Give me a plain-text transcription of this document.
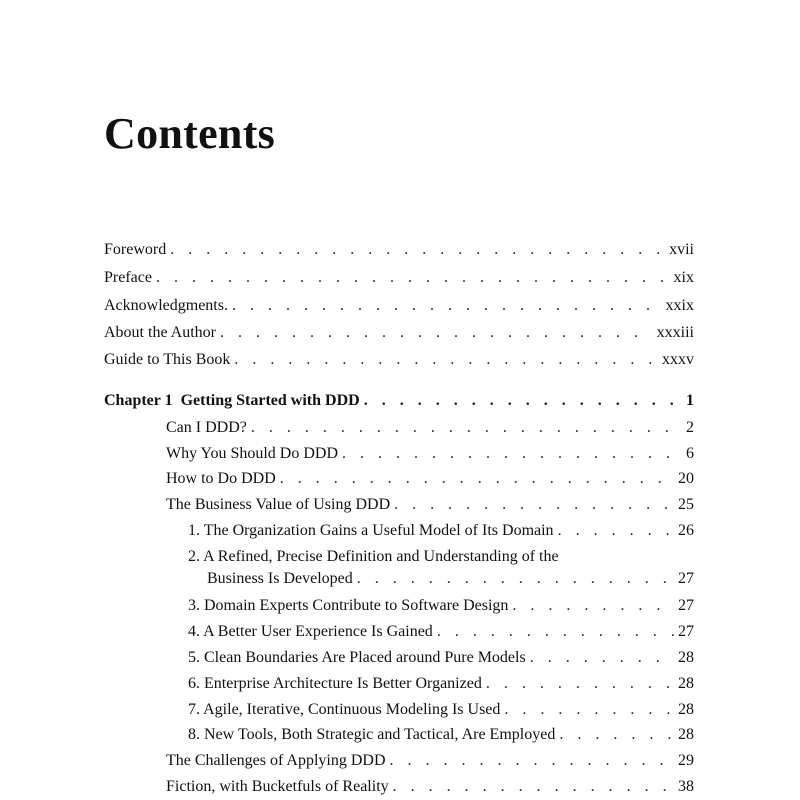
Contents
Foreword . . .	xvii
Preface . . .	xix
Acknowledgments. . . .	xxix
About the Author . . .	xxxiii
Guide to This Book . . .	xxxv
Chapter 1  Getting Started with DDD . . .	1
Can I DDD? . . .	2
Why You Should Do DDD . . .	6
How to Do DDD . . .	20
The Business Value of Using DDD . . .	25
1. The Organization Gains a Useful Model of Its Domain . . .	26
2. A Refined, Precise Definition and Understanding of the
Business Is Developed . . .	27
3. Domain Experts Contribute to Software Design . . .	27
4. A Better User Experience Is Gained . . .	27
5. Clean Boundaries Are Placed around Pure Models . . .	28
6. Enterprise Architecture Is Better Organized . . .	28
7. Agile, Iterative, Continuous Modeling Is Used . . .	28
8. New Tools, Both Strategic and Tactical, Are Employed . . .	28
The Challenges of Applying DDD . . .	29
Fiction, with Bucketfuls of Reality . . .	38
